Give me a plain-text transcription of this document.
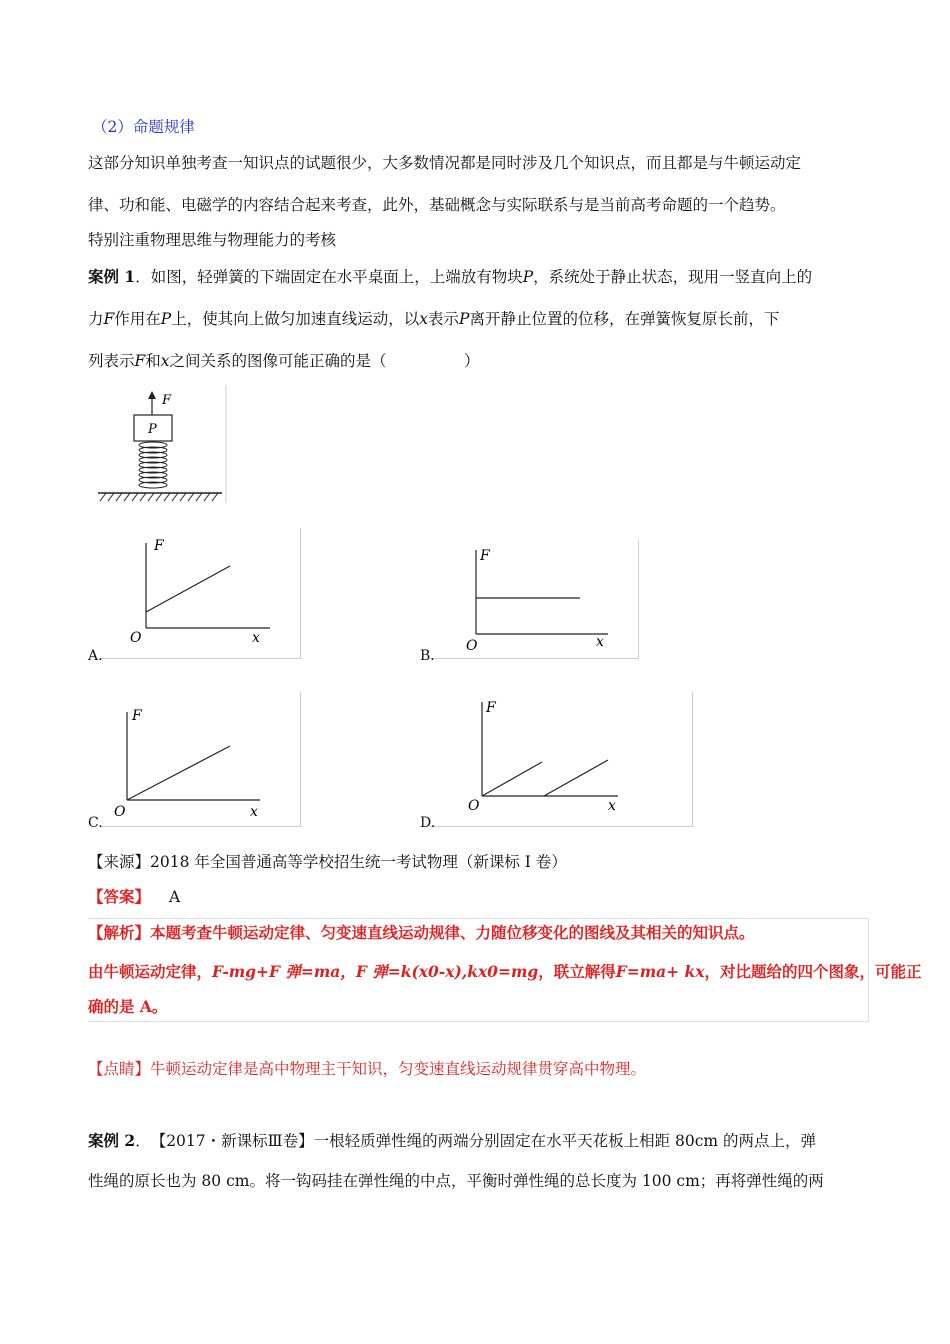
（2）命题规律
这部分知识单独考查一知识点的试题很少，大多数情况都是同时涉及几个知识点，而且都是与牛顿运动定
律、功和能、电磁学的内容结合起来考查，此外，基础概念与实际联系与是当前高考命题的一个趋势。
特别注重物理思维与物理能力的考核
案例 1．如图，轻弹簧的下端固定在水平桌面上，上端放有物块P，系统处于静止状态，现用一竖直向上的
力F作用在P上，使其向上做匀加速直线运动，以x表示P离开静止位置的位移，在弹簧恢复原长前，下
列表示F和x之间关系的图像可能正确的是（　　　　　）
F
P
F
x
O
A.
F
x
O
B.
F
x
O
C.
F
x
O
D.
【来源】2018 年全国普通高等学校招生统一考试物理（新课标 I 卷）
【答案】 A
【解析】本题考查牛顿运动定律、匀变速直线运动规律、力随位移变化的图线及其相关的知识点。
由牛顿运动定律，F-mg+F 弹=ma，F 弹=k(x0-x),kx0=mg，联立解得F=ma+ kx，对比题给的四个图象，可能正
确的是 A。
【点睛】牛顿运动定律是高中物理主干知识，匀变速直线运动规律贯穿高中物理。
案例 2．　【2017・新课标Ⅲ卷】一根轻质弹性绳的两端分别固定在水平天花板上相距 80cm 的两点上，弹
性绳的原长也为 80 cm。将一钩码挂在弹性绳的中点，平衡时弹性绳的总长度为 100 cm；再将弹性绳的两
